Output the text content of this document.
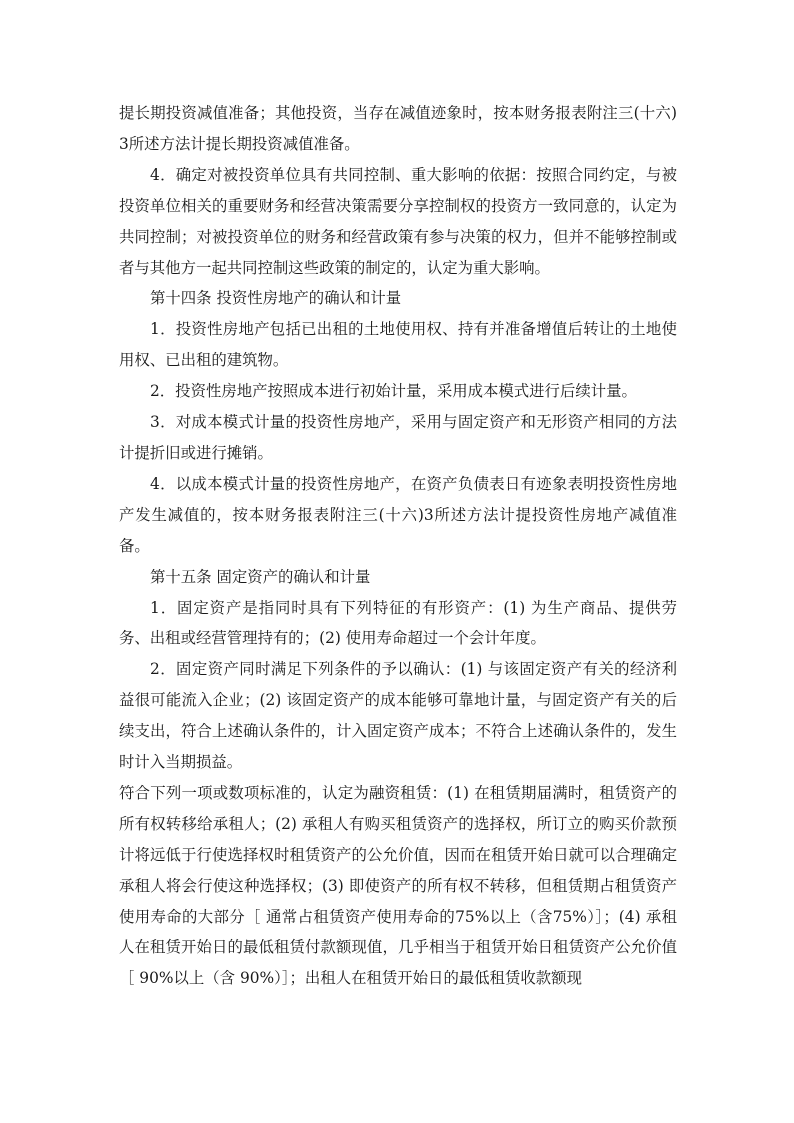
提长期投资减值准备；其他投资，当存在减值迹象时，按本财务报表附注三(十六)3所述方法计提长期投资减值准备。

4．确定对被投资单位具有共同控制、重大影响的依据：按照合同约定，与被投资单位相关的重要财务和经营决策需要分享控制权的投资方一致同意的，认定为共同控制；对被投资单位的财务和经营政策有参与决策的权力，但并不能够控制或者与其他方一起共同控制这些政策的制定的，认定为重大影响。

第十四条 投资性房地产的确认和计量

1．投资性房地产包括已出租的土地使用权、持有并准备增值后转让的土地使用权、已出租的建筑物。

2．投资性房地产按照成本进行初始计量，采用成本模式进行后续计量。

3．对成本模式计量的投资性房地产，采用与固定资产和无形资产相同的方法计提折旧或进行摊销。

4．以成本模式计量的投资性房地产，在资产负债表日有迹象表明投资性房地产发生减值的，按本财务报表附注三(十六)3所述方法计提投资性房地产减值准备。

第十五条 固定资产的确认和计量

1．固定资产是指同时具有下列特征的有形资产：(1) 为生产商品、提供劳务、出租或经营管理持有的；(2) 使用寿命超过一个会计年度。

2．固定资产同时满足下列条件的予以确认：(1) 与该固定资产有关的经济利益很可能流入企业；(2) 该固定资产的成本能够可靠地计量，与固定资产有关的后续支出，符合上述确认条件的，计入固定资产成本；不符合上述确认条件的，发生时计入当期损益。

符合下列一项或数项标准的，认定为融资租赁：(1) 在租赁期届满时，租赁资产的所有权转移给承租人；(2) 承租人有购买租赁资产的选择权，所订立的购买价款预计将远低于行使选择权时租赁资产的公允价值，因而在租赁开始日就可以合理确定承租人将会行使这种选择权；(3) 即使资产的所有权不转移，但租赁期占租赁资产使用寿命的大部分［ 通常占租赁资产使用寿命的75%以上（含75%）］；(4) 承租人在租赁开始日的最低租赁付款额现值，几乎相当于租赁开始日租赁资产公允价值［ 90%以上（含 90%）］；出租人在租赁开始日的最低租赁收款额现
